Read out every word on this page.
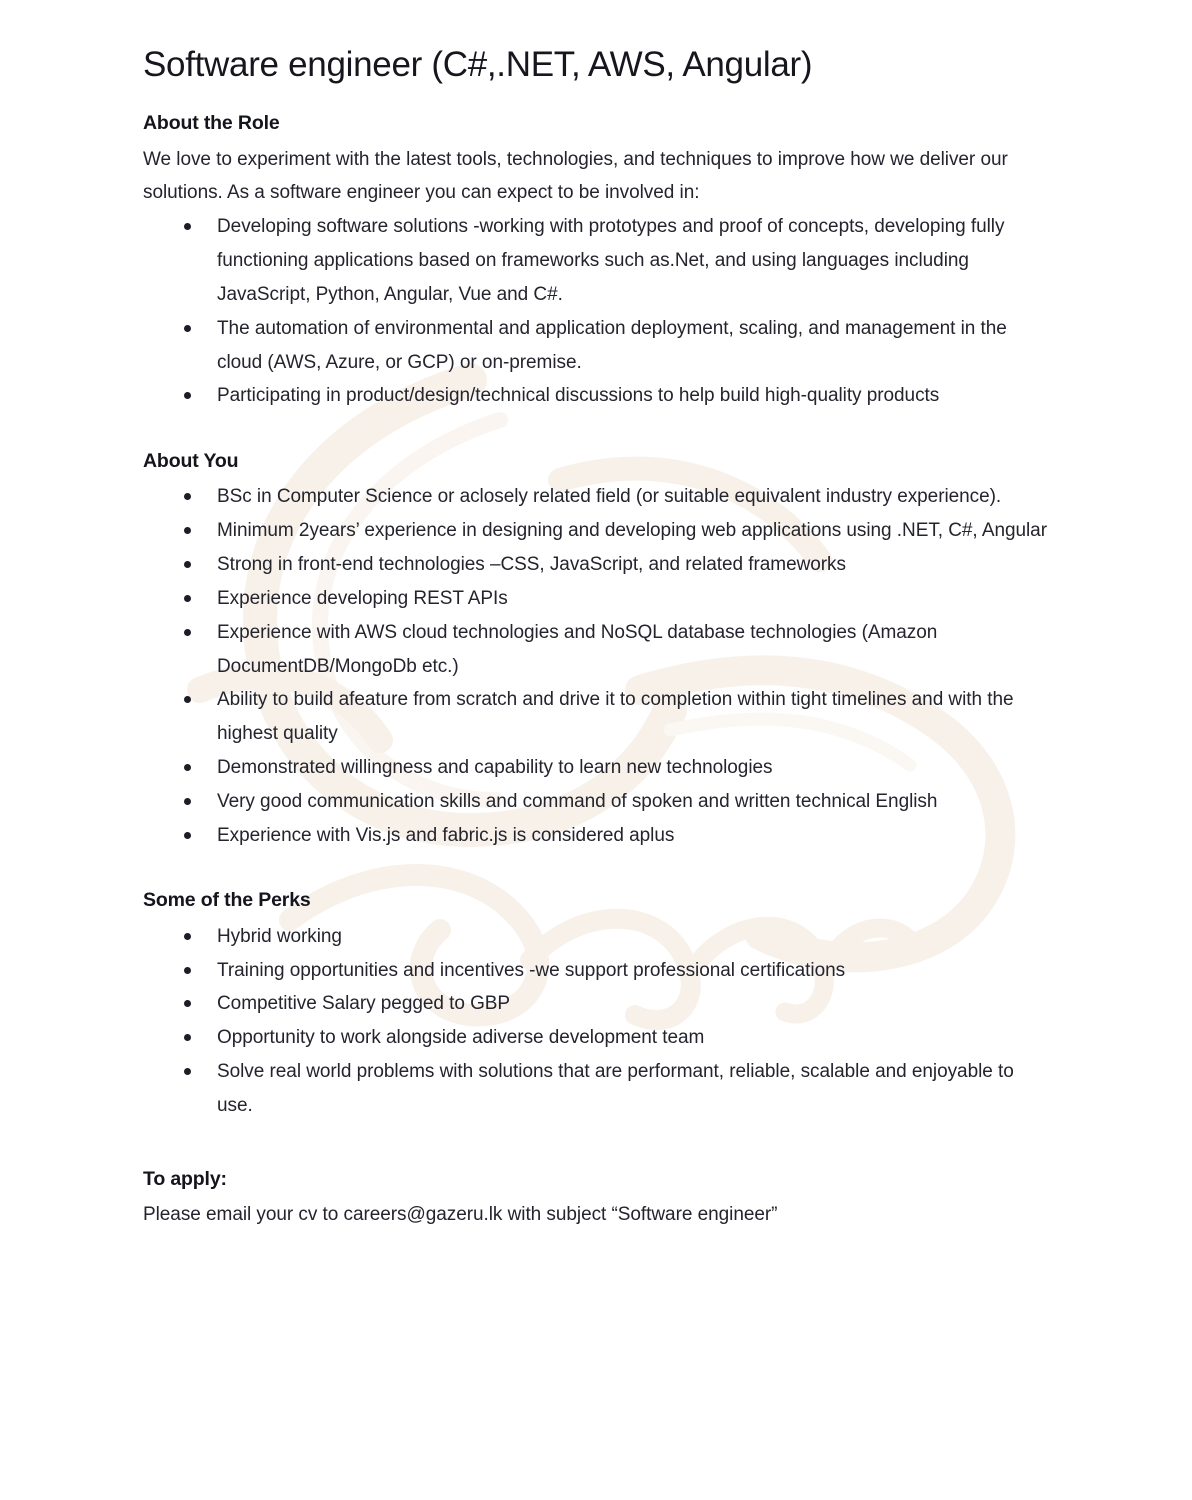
Software engineer (C#,.NET, AWS, Angular)
About the Role

We love to experiment with the latest tools, technologies, and techniques to improve how we deliver our solutions. As a software engineer you can expect to be involved in:

Developing software solutions -working with prototypes and proof of concepts, developing fully functioning applications based on frameworks such as.Net, and using languages including JavaScript, Python, Angular, Vue and C#.
The automation of environmental and application deployment, scaling, and management in the cloud (AWS, Azure, or GCP) or on-premise.
Participating in product/design/technical discussions to help build high-quality products
About You
BSc in Computer Science or aclosely related field (or suitable equivalent industry experience).
Minimum 2years’ experience in designing and developing web applications using .NET, C#, Angular
Strong in front-end technologies –CSS, JavaScript, and related frameworks
Experience developing REST APIs
Experience with AWS cloud technologies and NoSQL database technologies (Amazon DocumentDB/MongoDb etc.)
Ability to build afeature from scratch and drive it to completion within tight timelines and with the highest quality
Demonstrated willingness and capability to learn new technologies
Very good communication skills and command of spoken and written technical English
Experience with Vis.js and fabric.js is considered aplus
Some of the Perks
Hybrid working
Training opportunities and incentives -we support professional certifications
Competitive Salary pegged to GBP
Opportunity to work alongside adiverse development team
Solve real world problems with solutions that are performant, reliable, scalable and enjoyable to use.
To apply:

Please email your cv to careers@gazeru.lk with subject “Software engineer”
